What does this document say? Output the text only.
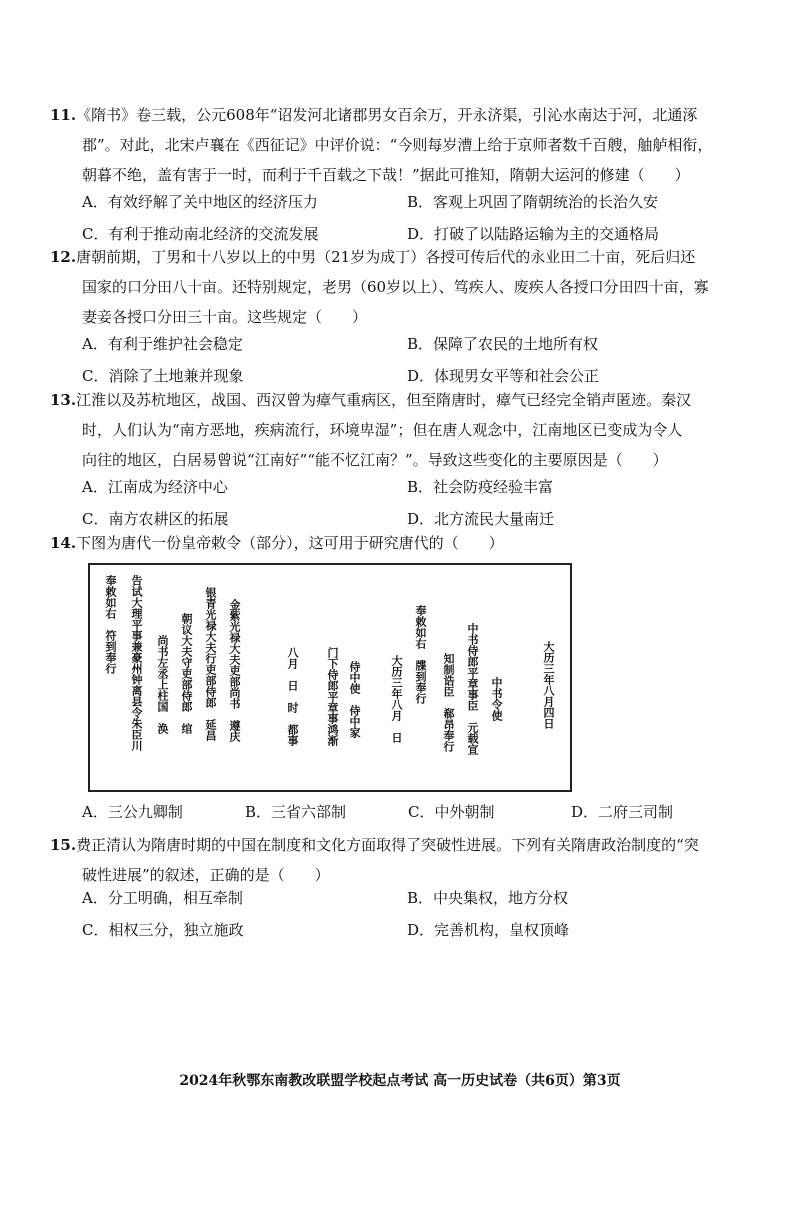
11.《隋书》卷三载，公元608年“诏发河北诸郡男女百余万，开永济渠，引沁水南达于河，北通涿
郡”。对此，北宋卢襄在《西征记》中评价说：“今则每岁漕上给于京师者数千百艘，舳舻相衔，
朝暮不绝，盖有害于一时，而利于千百载之下哉！”据此可推知，隋朝大运河的修建（　　）
A．有效纾解了关中地区的经济压力	B．客观上巩固了隋朝统治的长治久安
C．有利于推动南北经济的交流发展	D．打破了以陆路运输为主的交通格局
12.唐朝前期，丁男和十八岁以上的中男（21岁为成丁）各授可传后代的永业田二十亩，死后归还
国家的口分田八十亩。还特别规定，老男（60岁以上）、笃疾人、废疾人各授口分田四十亩，寡
妻妾各授口分田三十亩。这些规定（　　）
A．有利于维护社会稳定	B．保障了农民的土地所有权
C．消除了土地兼并现象	D．体现男女平等和社会公正
13.江淮以及苏杭地区，战国、西汉曾为瘴气重病区，但至隋唐时，瘴气已经完全销声匿迹。秦汉
时，人们认为“南方恶地，疾病流行，环境卑湿”；但在唐人观念中，江南地区已变成为令人
向往的地区，白居易曾说“江南好”“能不忆江南？”。导致这些变化的主要原因是（　　）
A．江南成为经济中心	B．社会防疫经验丰富
C．南方农耕区的拓展	D．北方流民大量南迁
14.下图为唐代一份皇帝敕令（部分），这可用于研究唐代的（　　）
奉敕如右　符到奉行 告试大理平事兼豪州钟离县令朱臣川 尚书左丞上柱国　涣 朝议大夫守吏部侍郎　绾 银青光禄大夫行吏部侍郎　延昌 金紫光禄大夫吏部尚书　遵庆	八月　日　时　都事 门下侍郎平章事鸿渐 侍中使　侍中家	大历三年八月　日 奉敕如右　牒到奉行 知制诰臣　郗昂奉行 中书侍郎平章事臣　元载宣 中书令使	大历三年八月四日
A．三公九卿制	B．三省六部制	C．中外朝制	D．二府三司制
15.费正清认为隋唐时期的中国在制度和文化方面取得了突破性进展。下列有关隋唐政治制度的“突
破性进展”的叙述，正确的是（　　）
A．分工明确，相互牵制	B．中央集权，地方分权
C．相权三分，独立施政	D．完善机构，皇权顶峰
2024年秋鄂东南教改联盟学校起点考试 高一历史试卷（共6页）第3页
